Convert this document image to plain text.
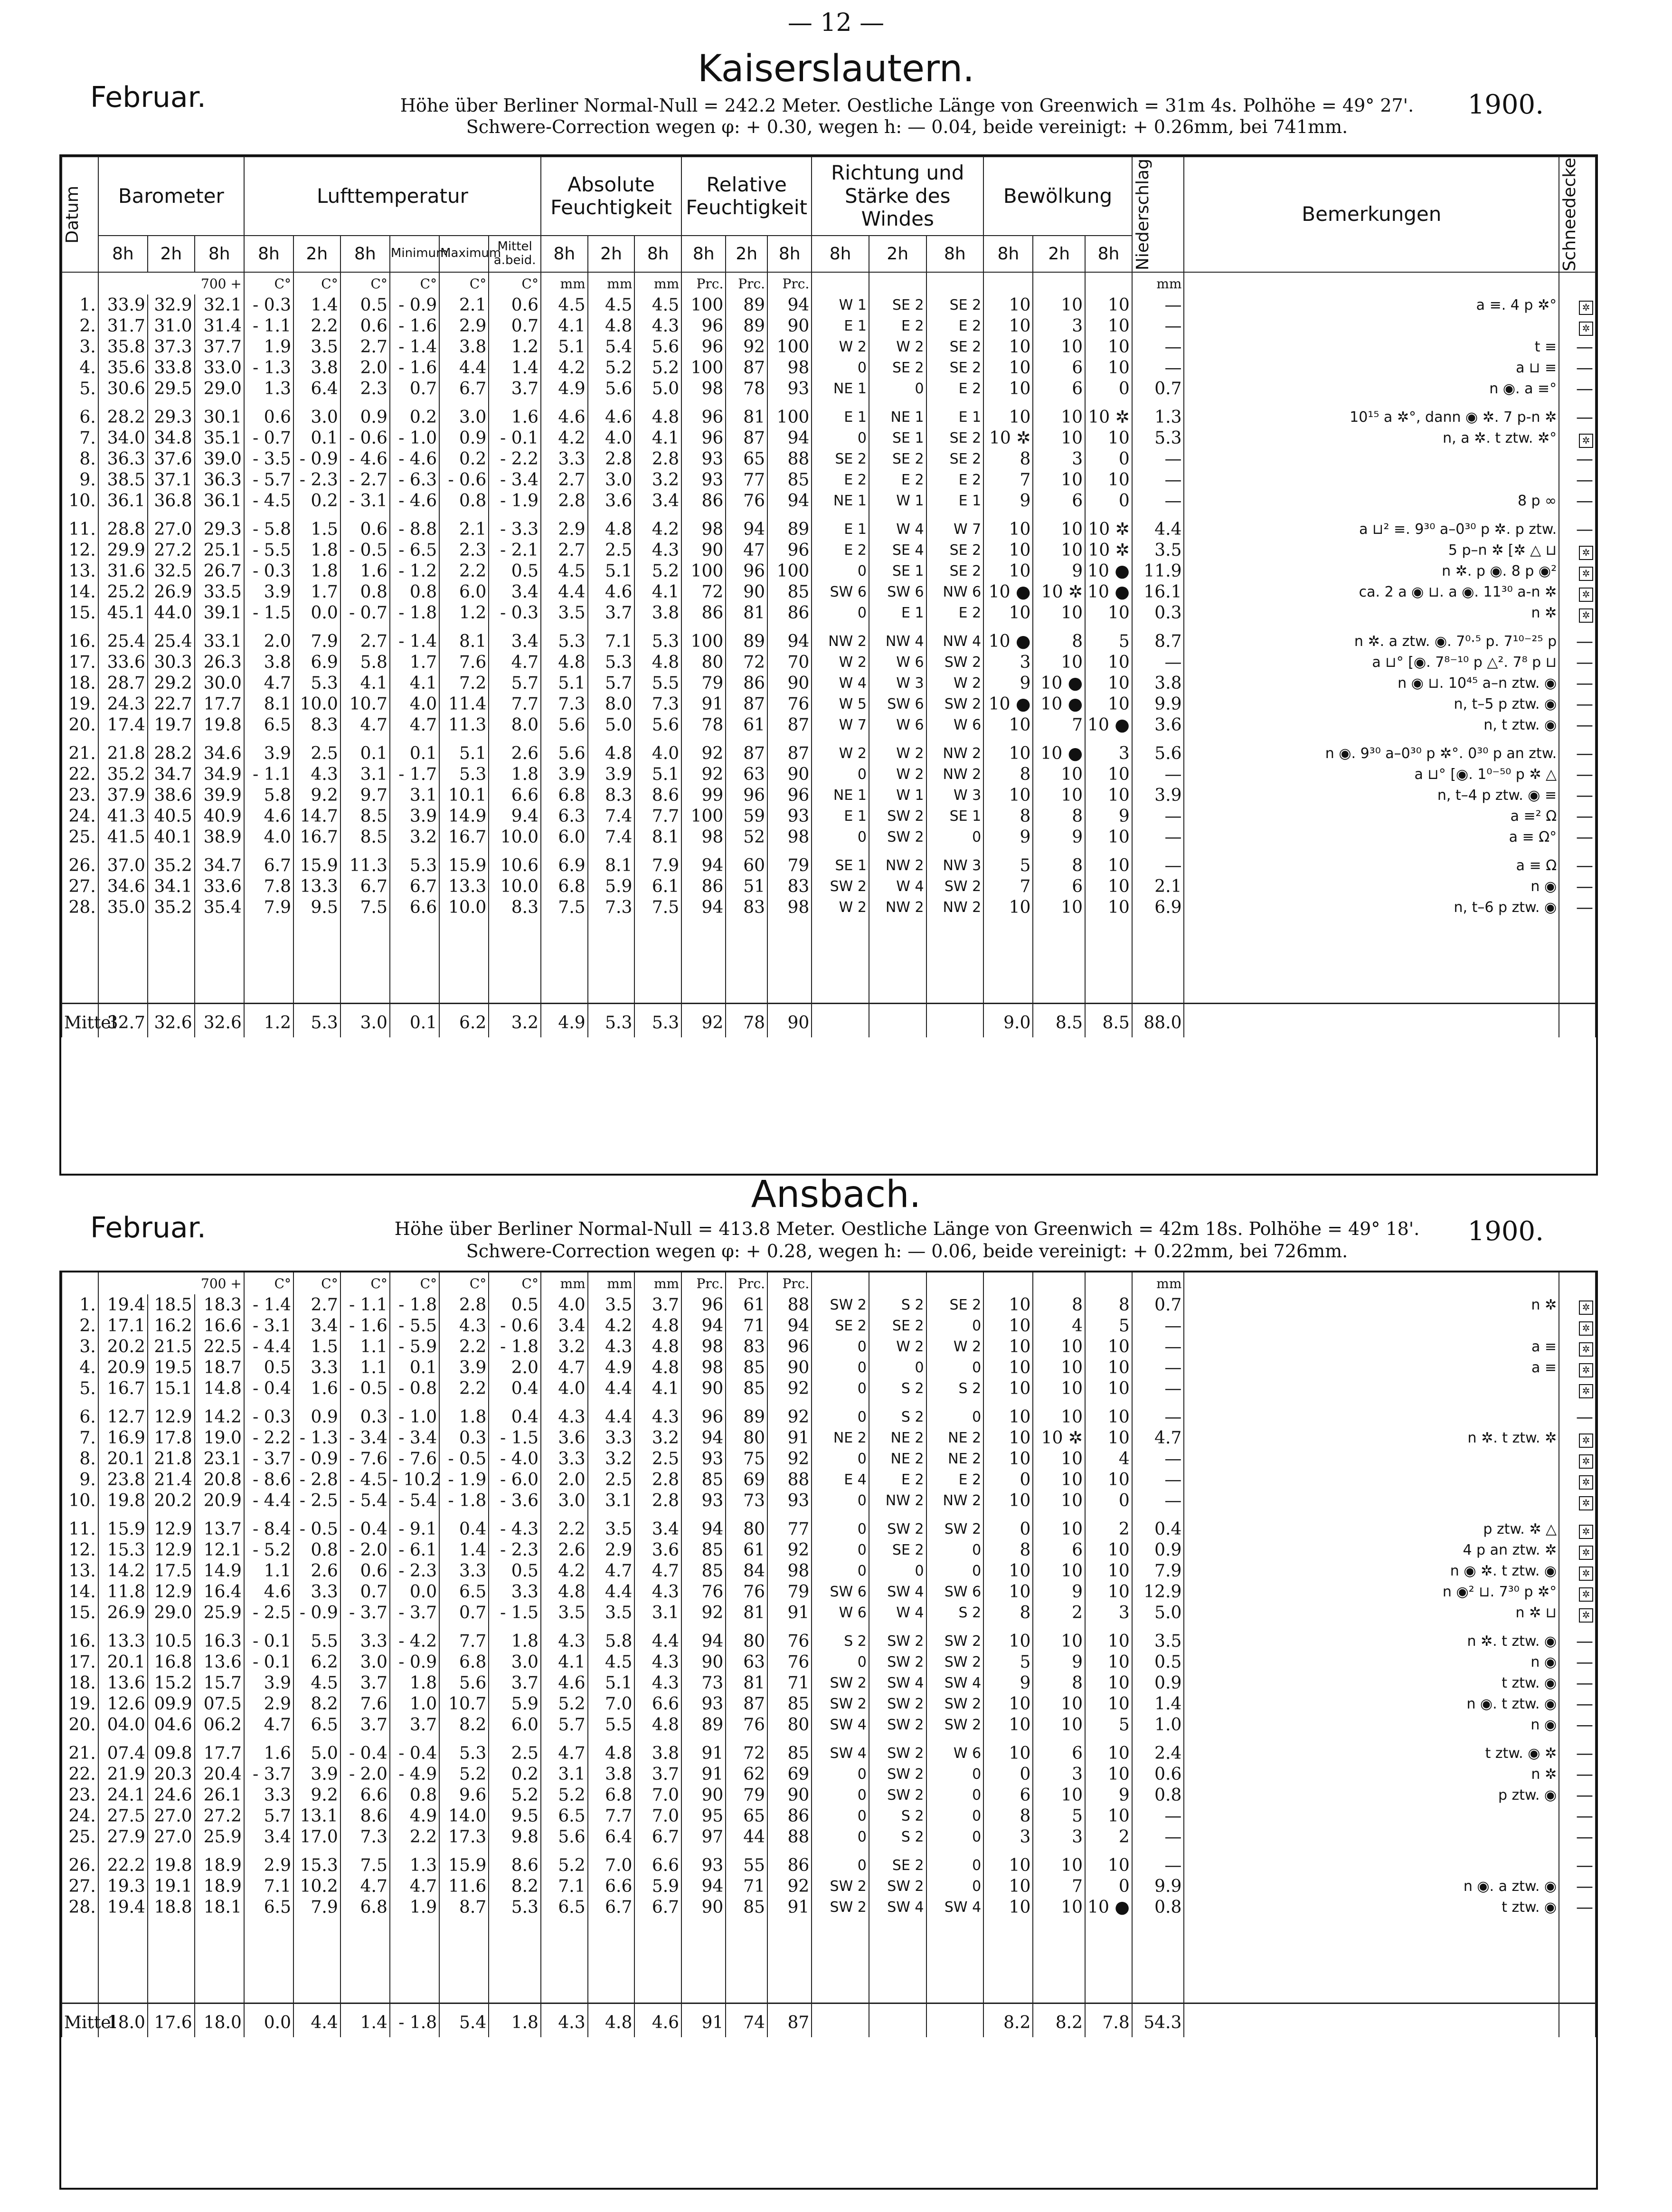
— 12 —
Kaiserslautern.
Februar.	1900.
Höhe über Berliner Normal-Null = 242.2 Meter. Oestliche Länge von Greenwich = 31m 4s. Polhöhe = 49° 27'.
Schwere-Correction wegen φ: + 0.30, wegen h: — 0.04, beide vereinigt: + 0.26mm, bei 741mm.
Datum	Barometer			Lufttemperatur						Absolute Feuchtigkeit			Relative Feuchtigkeit			Richtung und Stärke des Windes			Bewölkung			Niederschlag	Bemerkungen	Schneedecke

	8h	2h	8h	8h	2h	8h	Minimum	Maximum	Mittel a.beid.	8h	2h	8h	8h	2h	8h	8h	2h	8h	8h	2h	8h			
	700 +			C°	C°	C°	C°	C°	C°	mm	mm	mm	Prc.	Prc.	Prc.							mm		
1.	33.9	32.9	32.1	- 0.3	1.4	0.5	- 0.9	2.1	0.6	4.5	4.5	4.5	100	89	94	W 1	SE 2	SE 2	10	10	10	—	a ≡. 4 p ✲°	✲
2.	31.7	31.0	31.4	- 1.1	2.2	0.6	- 1.6	2.9	0.7	4.1	4.8	4.3	96	89	90	E 1	E 2	E 2	10	3	10	—		✲
3.	35.8	37.3	37.7	1.9	3.5	2.7	- 1.4	3.8	1.2	5.1	5.4	5.6	96	92	100	W 2	W 2	SE 2	10	10	10	—	t ≡	—
4.	35.6	33.8	33.0	- 1.3	3.8	2.0	- 1.6	4.4	1.4	4.2	5.2	5.2	100	87	98	0	SE 2	SE 2	10	6	10	—	a ⊔ ≡	—
5.	30.6	29.5	29.0	1.3	6.4	2.3	0.7	6.7	3.7	4.9	5.6	5.0	98	78	93	NE 1	0	E 2	10	6	0	0.7	n ◉. a ≡°	—

6.	28.2	29.3	30.1	0.6	3.0	0.9	0.2	3.0	1.6	4.6	4.6	4.8	96	81	100	E 1	NE 1	E 1	10	10	10 ✲	1.3	10¹⁵ a ✲°, dann ◉ ✲. 7 p-n ✲	—
7.	34.0	34.8	35.1	- 0.7	0.1	- 0.6	- 1.0	0.9	- 0.1	4.2	4.0	4.1	96	87	94	0	SE 1	SE 2	10 ✲	10	10	5.3	n, a ✲. t ztw. ✲°	✲
8.	36.3	37.6	39.0	- 3.5	- 0.9	- 4.6	- 4.6	0.2	- 2.2	3.3	2.8	2.8	93	65	88	SE 2	SE 2	SE 2	8	3	0	—		—
9.	38.5	37.1	36.3	- 5.7	- 2.3	- 2.7	- 6.3	- 0.6	- 3.4	2.7	3.0	3.2	93	77	85	E 2	E 2	E 2	7	10	10	—		—
10.	36.1	36.8	36.1	- 4.5	0.2	- 3.1	- 4.6	0.8	- 1.9	2.8	3.6	3.4	86	76	94	NE 1	W 1	E 1	9	6	0	—	8 p ∞	—

11.	28.8	27.0	29.3	- 5.8	1.5	0.6	- 8.8	2.1	- 3.3	2.9	4.8	4.2	98	94	89	E 1	W 4	W 7	10	10	10 ✲	4.4	a ⊔² ≡. 9³⁰ a–0³⁰ p ✲. p ztw.	—
12.	29.9	27.2	25.1	- 5.5	1.8	- 0.5	- 6.5	2.3	- 2.1	2.7	2.5	4.3	90	47	96	E 2	SE 4	SE 2	10	10	10 ✲	3.5	5 p–n ✲ [✲ △ ⊔	✲
13.	31.6	32.5	26.7	- 0.3	1.8	1.6	- 1.2	2.2	0.5	4.5	5.1	5.2	100	96	100	0	SE 1	SE 2	10	9	10 ●	11.9	n ✲. p ◉. 8 p ◉²	✲
14.	25.2	26.9	33.5	3.9	1.7	0.8	0.8	6.0	3.4	4.4	4.6	4.1	72	90	85	SW 6	SW 6	NW 6	10 ●	10 ✲	10 ●	16.1	ca. 2 a ◉ ⊔. a ◉. 11³⁰ a-n ✲	✲
15.	45.1	44.0	39.1	- 1.5	0.0	- 0.7	- 1.8	1.2	- 0.3	3.5	3.7	3.8	86	81	86	0	E 1	E 2	10	10	10	0.3	n ✲	✲

16.	25.4	25.4	33.1	2.0	7.9	2.7	- 1.4	8.1	3.4	5.3	7.1	5.3	100	89	94	NW 2	NW 4	NW 4	10 ●	8	5	8.7	n ✲. a ztw. ◉. 7⁰·⁵ p. 7¹⁰⁻²⁵ p	—
17.	33.6	30.3	26.3	3.8	6.9	5.8	1.7	7.6	4.7	4.8	5.3	4.8	80	72	70	W 2	W 6	SW 2	3	10	10	—	a ⊔° [◉. 7⁸⁻¹⁰ p △². 7⁸ p ⊔	—
18.	28.7	29.2	30.0	4.7	5.3	4.1	4.1	7.2	5.7	5.1	5.7	5.5	79	86	90	W 4	W 3	W 2	9	10 ●	10	3.8	n ◉ ⊔. 10⁴⁵ a–n ztw. ◉	—
19.	24.3	22.7	17.7	8.1	10.0	10.7	4.0	11.4	7.7	7.3	8.0	7.3	91	87	76	W 5	SW 6	SW 2	10 ●	10 ●	10	9.9	n, t–5 p ztw. ◉	—
20.	17.4	19.7	19.8	6.5	8.3	4.7	4.7	11.3	8.0	5.6	5.0	5.6	78	61	87	W 7	W 6	W 6	10	7	10 ●	3.6	n, t ztw. ◉	—

21.	21.8	28.2	34.6	3.9	2.5	0.1	0.1	5.1	2.6	5.6	4.8	4.0	92	87	87	W 2	W 2	NW 2	10	10 ●	3	5.6	n ◉. 9³⁰ a–0³⁰ p ✲°. 0³⁰ p an ztw.	—
22.	35.2	34.7	34.9	- 1.1	4.3	3.1	- 1.7	5.3	1.8	3.9	3.9	5.1	92	63	90	0	W 2	NW 2	8	10	10	—	a ⊔° [◉. 1⁰⁻⁵⁰ p ✲ △	—
23.	37.9	38.6	39.9	5.8	9.2	9.7	3.1	10.1	6.6	6.8	8.3	8.6	99	96	96	NE 1	W 1	W 3	10	10	10	3.9	n, t–4 p ztw. ◉ ≡	—
24.	41.3	40.5	40.9	4.6	14.7	8.5	3.9	14.9	9.4	6.3	7.4	7.7	100	59	93	E 1	SW 2	SE 1	8	8	9	—	a ≡² Ω	—
25.	41.5	40.1	38.9	4.0	16.7	8.5	3.2	16.7	10.0	6.0	7.4	8.1	98	52	98	0	SW 2	0	9	9	10	—	a ≡ Ω°	—

26.	37.0	35.2	34.7	6.7	15.9	11.3	5.3	15.9	10.6	6.9	8.1	7.9	94	60	79	SE 1	NW 2	NW 3	5	8	10	—	a ≡ Ω	—
27.	34.6	34.1	33.6	7.8	13.3	6.7	6.7	13.3	10.0	6.8	5.9	6.1	86	51	83	SW 2	W 4	SW 2	7	6	10	2.1	n ◉	—
28.	35.0	35.2	35.4	7.9	9.5	7.5	6.6	10.0	8.3	7.5	7.3	7.5	94	83	98	W 2	NW 2	NW 2	10	10	10	6.9	n, t–6 p ztw. ◉	—

Mittel	32.7	32.6	32.6	1.2	5.3	3.0	0.1	6.2	3.2	4.9	5.3	5.3	92	78	90				9.0	8.5	8.5	88.0		
Ansbach.
Februar.	1900.
Höhe über Berliner Normal-Null = 413.8 Meter. Oestliche Länge von Greenwich = 42m 18s. Polhöhe = 49° 18'.
Schwere-Correction wegen φ: + 0.28, wegen h: — 0.06, beide vereinigt: + 0.22mm, bei 726mm.
	700 +			C°	C°	C°	C°	C°	C°	mm	mm	mm	Prc.	Prc.	Prc.							mm		
1.	19.4	18.5	18.3	- 1.4	2.7	- 1.1	- 1.8	2.8	0.5	4.0	3.5	3.7	96	61	88	SW 2	S 2	SE 2	10	8	8	0.7	n ✲	✲
2.	17.1	16.2	16.6	- 3.1	3.4	- 1.6	- 5.5	4.3	- 0.6	3.4	4.2	4.8	94	71	94	SE 2	SE 2	0	10	4	5	—		✲
3.	20.2	21.5	22.5	- 4.4	1.5	1.1	- 5.9	2.2	- 1.8	3.2	4.3	4.8	98	83	96	0	W 2	W 2	10	10	10	—	a ≡	✲
4.	20.9	19.5	18.7	0.5	3.3	1.1	0.1	3.9	2.0	4.7	4.9	4.8	98	85	90	0	0	0	10	10	10	—	a ≡	✲
5.	16.7	15.1	14.8	- 0.4	1.6	- 0.5	- 0.8	2.2	0.4	4.0	4.4	4.1	90	85	92	0	S 2	S 2	10	10	10	—		✲

6.	12.7	12.9	14.2	- 0.3	0.9	0.3	- 1.0	1.8	0.4	4.3	4.4	4.3	96	89	92	0	S 2	0	10	10	10	—		—
7.	16.9	17.8	19.0	- 2.2	- 1.3	- 3.4	- 3.4	0.3	- 1.5	3.6	3.3	3.2	94	80	91	NE 2	NE 2	NE 2	10	10 ✲	10	4.7	n ✲. t ztw. ✲	✲
8.	20.1	21.8	23.1	- 3.7	- 0.9	- 7.6	- 7.6	- 0.5	- 4.0	3.3	3.2	2.5	93	75	92	0	NE 2	NE 2	10	10	4	—		✲
9.	23.8	21.4	20.8	- 8.6	- 2.8	- 4.5	- 10.2	- 1.9	- 6.0	2.0	2.5	2.8	85	69	88	E 4	E 2	E 2	0	10	10	—		✲
10.	19.8	20.2	20.9	- 4.4	- 2.5	- 5.4	- 5.4	- 1.8	- 3.6	3.0	3.1	2.8	93	73	93	0	NW 2	NW 2	10	10	0	—		✲

11.	15.9	12.9	13.7	- 8.4	- 0.5	- 0.4	- 9.1	0.4	- 4.3	2.2	3.5	3.4	94	80	77	0	SW 2	SW 2	0	10	2	0.4	p ztw. ✲ △	✲
12.	15.3	12.9	12.1	- 5.2	0.8	- 2.0	- 6.1	1.4	- 2.3	2.6	2.9	3.6	85	61	92	0	SE 2	0	8	6	10	0.9	4 p an ztw. ✲	✲
13.	14.2	17.5	14.9	1.1	2.6	0.6	- 2.3	3.3	0.5	4.2	4.7	4.7	85	84	98	0	0	0	10	10	10	7.9	n ◉ ✲. t ztw. ◉	✲
14.	11.8	12.9	16.4	4.6	3.3	0.7	0.0	6.5	3.3	4.8	4.4	4.3	76	76	79	SW 6	SW 4	SW 6	10	9	10	12.9	n ◉² ⊔. 7³⁰ p ✲°	✲
15.	26.9	29.0	25.9	- 2.5	- 0.9	- 3.7	- 3.7	0.7	- 1.5	3.5	3.5	3.1	92	81	91	W 6	W 4	S 2	8	2	3	5.0	n ✲ ⊔	✲

16.	13.3	10.5	16.3	- 0.1	5.5	3.3	- 4.2	7.7	1.8	4.3	5.8	4.4	94	80	76	S 2	SW 2	SW 2	10	10	10	3.5	n ✲. t ztw. ◉	—
17.	20.1	16.8	13.6	- 0.1	6.2	3.0	- 0.9	6.8	3.0	4.1	4.5	4.3	90	63	76	0	SW 2	SW 2	5	9	10	0.5	n ◉	—
18.	13.6	15.2	15.7	3.9	4.5	3.7	1.8	5.6	3.7	4.6	5.1	4.3	73	81	71	SW 2	SW 4	SW 4	9	8	10	0.9	t ztw. ◉	—
19.	12.6	09.9	07.5	2.9	8.2	7.6	1.0	10.7	5.9	5.2	7.0	6.6	93	87	85	SW 2	SW 2	SW 2	10	10	10	1.4	n ◉. t ztw. ◉	—
20.	04.0	04.6	06.2	4.7	6.5	3.7	3.7	8.2	6.0	5.7	5.5	4.8	89	76	80	SW 4	SW 2	SW 2	10	10	5	1.0	n ◉	—

21.	07.4	09.8	17.7	1.6	5.0	- 0.4	- 0.4	5.3	2.5	4.7	4.8	3.8	91	72	85	SW 4	SW 2	W 6	10	6	10	2.4	t ztw. ◉ ✲	—
22.	21.9	20.3	20.4	- 3.7	3.9	- 2.0	- 4.9	5.2	0.2	3.1	3.8	3.7	91	62	69	0	SW 2	0	0	3	10	0.6	n ✲	—
23.	24.1	24.6	26.1	3.3	9.2	6.6	0.8	9.6	5.2	5.2	6.8	7.0	90	79	90	0	SW 2	0	6	10	9	0.8	p ztw. ◉	—
24.	27.5	27.0	27.2	5.7	13.1	8.6	4.9	14.0	9.5	6.5	7.7	7.0	95	65	86	0	S 2	0	8	5	10	—		—
25.	27.9	27.0	25.9	3.4	17.0	7.3	2.2	17.3	9.8	5.6	6.4	6.7	97	44	88	0	S 2	0	3	3	2	—		—

26.	22.2	19.8	18.9	2.9	15.3	7.5	1.3	15.9	8.6	5.2	7.0	6.6	93	55	86	0	SE 2	0	10	10	10	—		—
27.	19.3	19.1	18.9	7.1	10.2	4.7	4.7	11.6	8.2	7.1	6.6	5.9	94	71	92	SW 2	SW 2	0	10	7	0	9.9	n ◉. a ztw. ◉	—
28.	19.4	18.8	18.1	6.5	7.9	6.8	1.9	8.7	5.3	6.5	6.7	6.7	90	85	91	SW 2	SW 4	SW 4	10	10	10 ●	0.8	t ztw. ◉	—

Mittel	18.0	17.6	18.0	0.0	4.4	1.4	- 1.8	5.4	1.8	4.3	4.8	4.6	91	74	87				8.2	8.2	7.8	54.3		
